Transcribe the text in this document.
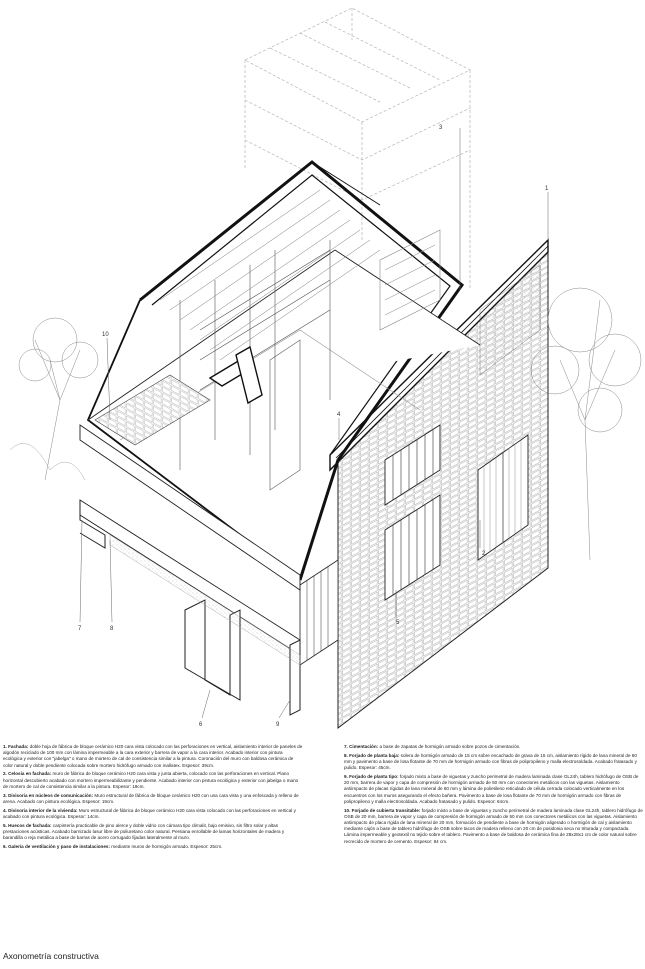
1
2
3
4
5
6
7	8
9
10

1. Fachada: doble hoja de fábrica de bloque cerámico H20 cara vista colocado con las perforaciones en vertical, aislamiento interior de paneles de algodón reciclado de 100 mm con lámina impermeable a la cara exterior y barrera de vapor a la cara interior. Acabado interior con pintura ecológica y exterior con "jabelga" o mano de mortero de cal de consistencia similar a la pintura. Coronación del muro con baldosa cerámica de color natural y doble pendiente colocada sobre mortero hidrófugo armado con mallatex. Espesor: 39cm.

2. Celosía en fachada: muro de fábrica de bloque cerámico H20 cara vista y junta abierta, colocado con las perforaciones en vertical. Plano horizontal descubierto acabado con mortero impermeabilizante y pendiente. Acabado interior con pintura ecológica y exterior con jabelga o mano de mortero de cal de consistencia similar a la pintura. Espesor: 19cm.

3. Divisoria en núcleos de comunicación: Muro estructural de fábrica de bloque cerámico H20 con una cara vista y una enfoscada y relleno de arena. Acabado con pintura ecológica. Espesor: 19cm.

4. Divisoria interior de la vivienda: Muro estructural de fábrica de bloque cerámico H20 cara vista colocado con las perforaciones en vertical y acabado con pintura ecológica. Espesor: 14cm.

5. Huecos de fachada: carpintería practicable de pino alerce y doble vidrio con cámara tipo climalit, bajo emisivo, sin filtro solar y altas prestaciones acústicas. Acabado barnizado lasur libre de poliuretano color natural. Persiana enrollable de lamas horizontales de madera y barandilla o reja metálica a base de barras de acero corrugado fijadas lateralmente al muro.

6. Galería de ventilación y paso de instalaciones: mediante muros de hormigón armado. Espesor: 25cm.

7. Cimentación: a base de zapatas de hormigón armado sobre pozos de cimentación.

8. Forjado de planta baja: solera de hormigón armado de 15 cm sobre encachado de grava de 15 cm, aislamiento rígido de lana mineral de 60 mm y pavimento a base de losa flotante de 70 mm de hormigón armado con fibras de polipropileno y malla electrosoldada. Acabado fratasado y pulido. Espesor: 45cm.

9. Forjado de planta tipo: forjado mixto a base de viguetas y zuncho perimetral de madera laminada clase GL24h, tablero hidrófugo de OSB de 20 mm, barrera de vapor y capa de compresión de hormigón armado de 50 mm con conectores metálicos con las viguetas. Aislamiento antiimpacto de placas rígidas de lana mineral de 60 mm y lámina de polietileno reticulado de célula cerrada colocado verticalmente en los encuentros con los muros asegurando el efecto bañera. Pavimento a base de losa flotante de 70 mm de hormigón armado con fibras de polipropileno y malla electrosoldada. Acabado fratasado y pulido. Espesor: 64cm.

10. Forjado de cubierta transitable: forjado mixto a base de viguetas y zuncho perimetral de madera laminada clase GL24h, tablero hidrófugo de OSB de 20 mm, barrera de vapor y capa de compresión de hormigón armado de 50 mm con conectores metálicos con las viguetas. Aislamiento antiimpacto de placa rígida de lana mineral de 20 mm, formación de pendiente a base de hormigón aligerado o hormigón de cal y aislamiento mediante cajón a base de tablero hidrófugo de OSB sobre tacos de madera relleno con 20 cm de posidonia seca no triturada y compactada. Lámina impermeable y geotextil no tejido sobre el tablero. Pavimento a base de baldosa de cerámica fina de 28x28x1 cm de color natural sobre recrecido de mortero de cemento. Espesor: 84 cm.

Axonometría constructiva
